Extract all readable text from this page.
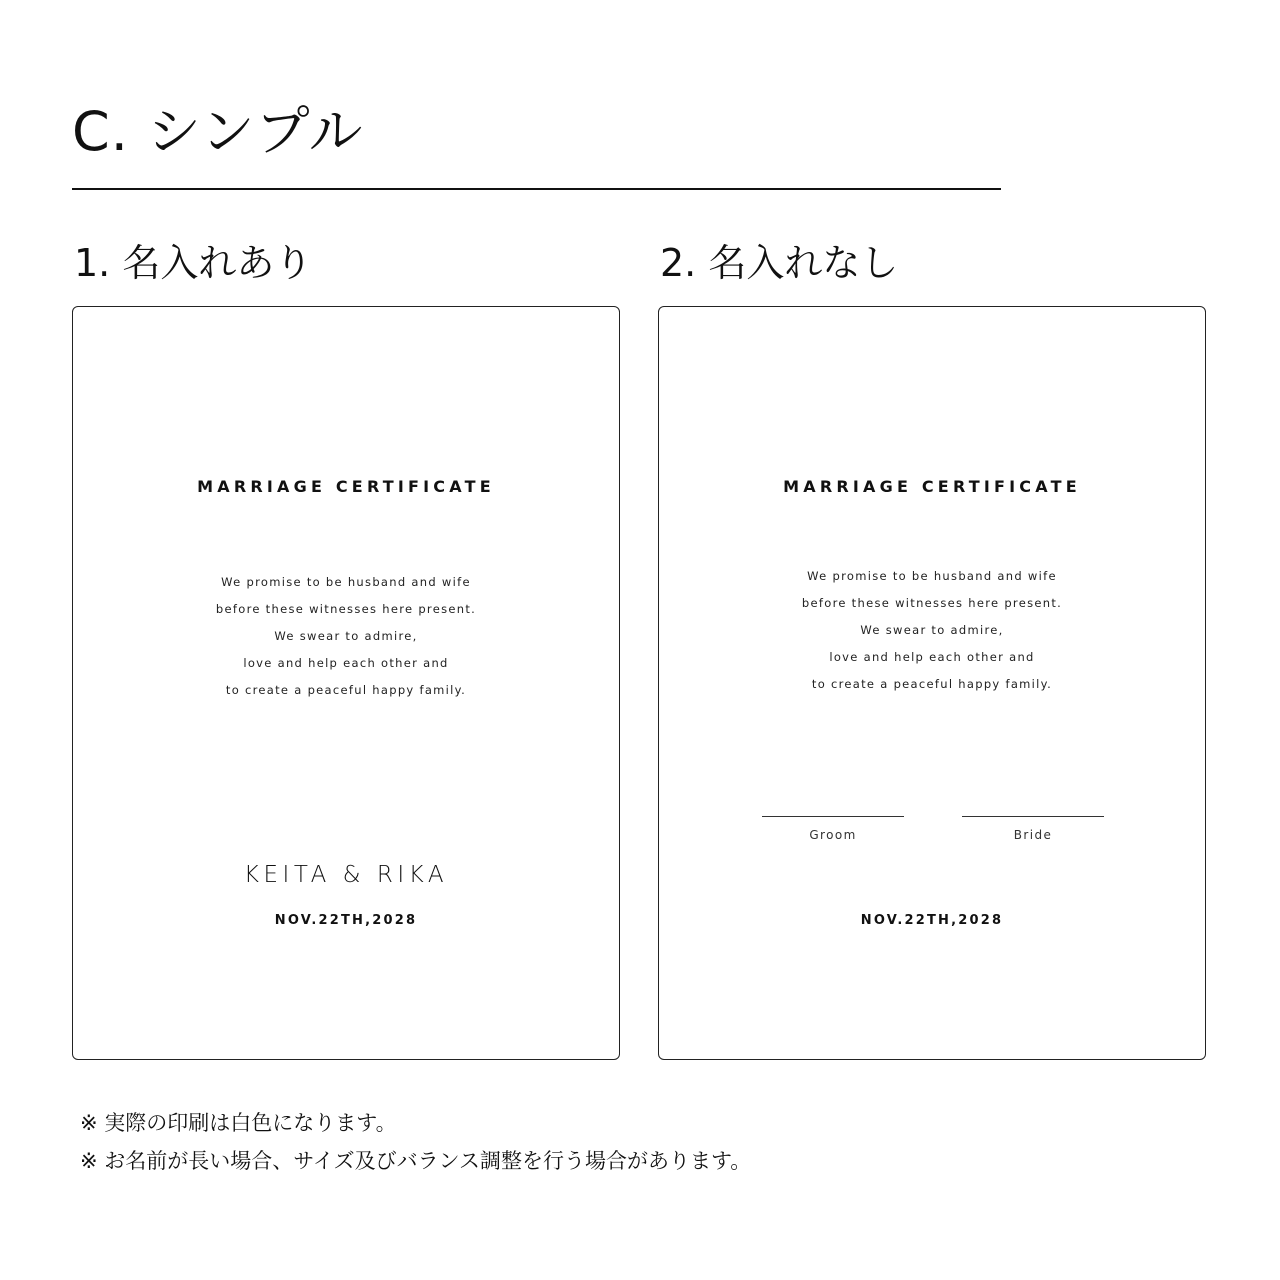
C. シンプル
1. 名入れあり	2. 名入れなし
MARRIAGE CERTIFICATE
We promise to be husband and wife
before these witnesses here present.
We swear to admire,
love and help each other and
to create a peaceful happy family.
KEITA & RIKA
NOV.22TH,2028
MARRIAGE CERTIFICATE
We promise to be husband and wife
before these witnesses here present.
We swear to admire,
love and help each other and
to create a peaceful happy family.
Groom	Bride
NOV.22TH,2028
※ 実際の印刷は白色になります。
※ お名前が長い場合、サイズ及びバランス調整を行う場合があります。
